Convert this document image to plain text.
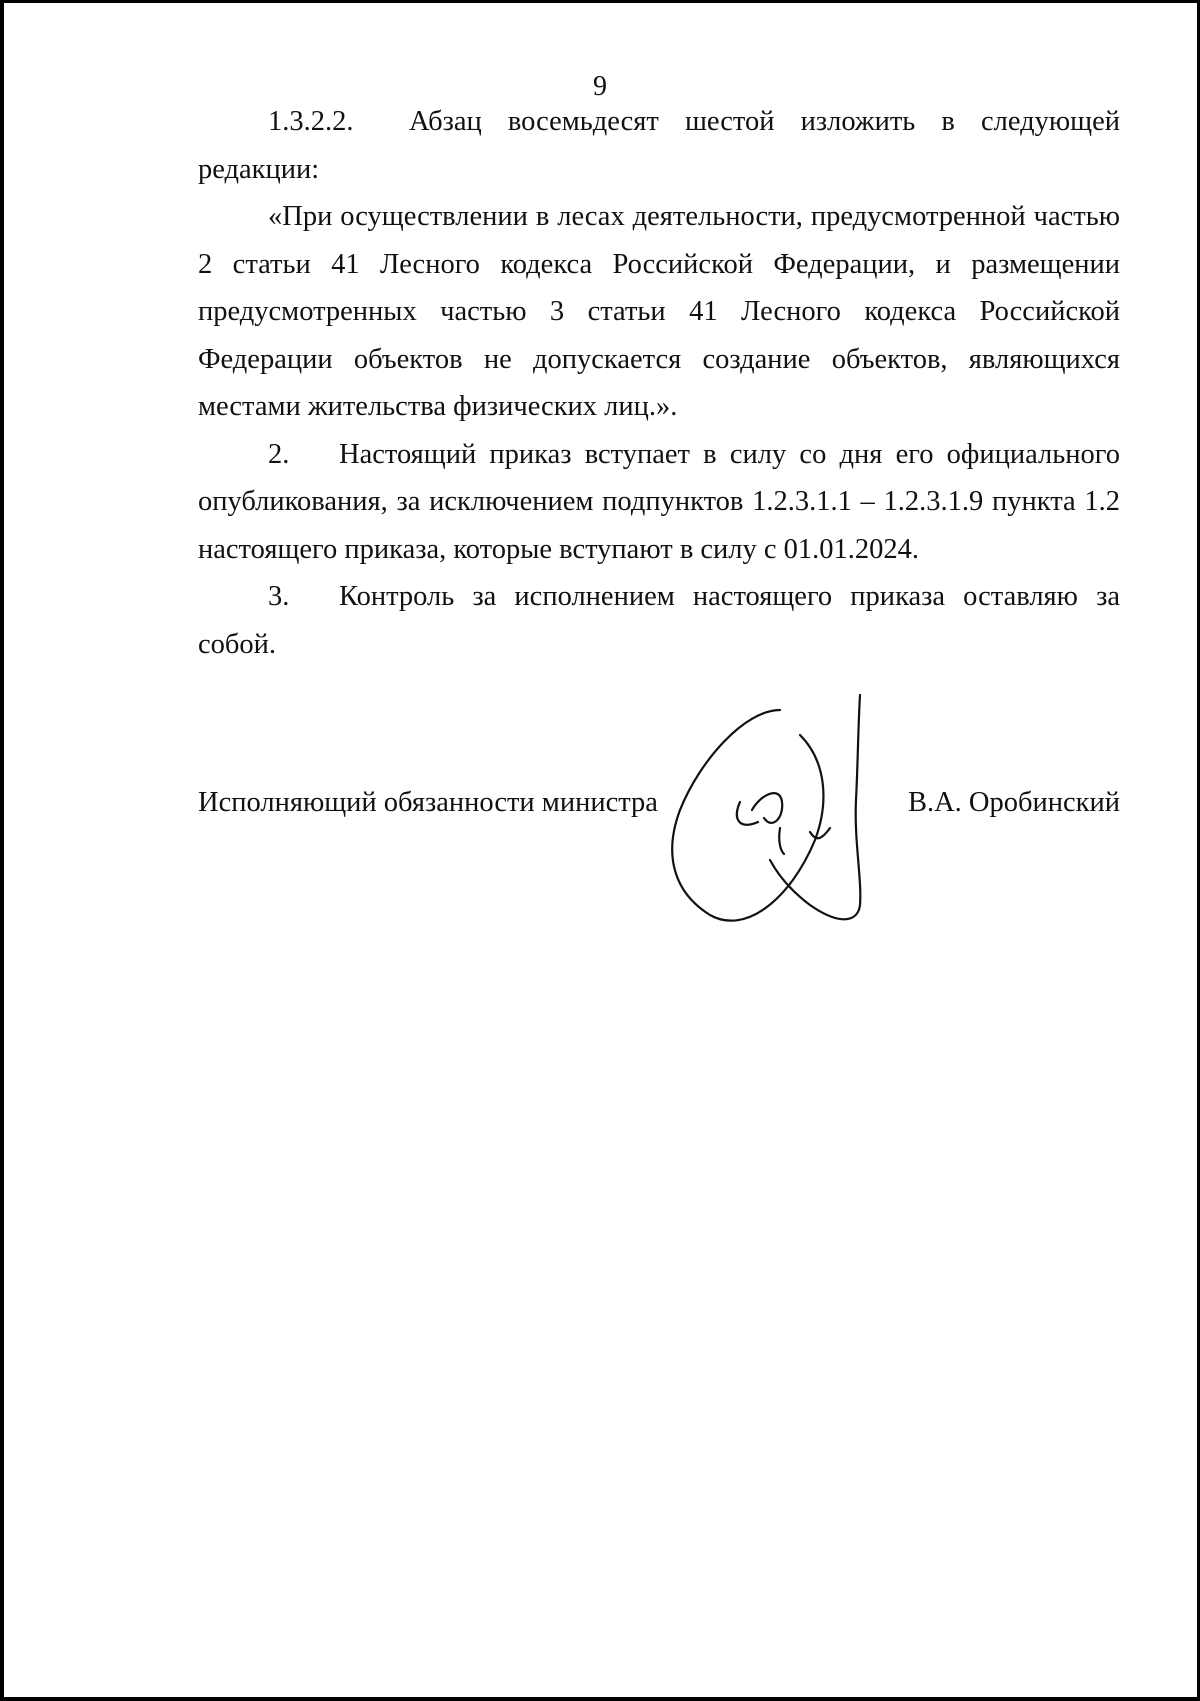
9

1.3.2.2. Абзац восемьдесят шестой изложить в следующей редакции:

«При осуществлении в лесах деятельности, предусмотренной частью 2 статьи 41 Лесного кодекса Российской Федерации, и размещении предусмотренных частью 3 статьи 41 Лесного кодекса Российской Федерации объектов не допускается создание объектов, являющихся местами жительства физических лиц.».

2. Настоящий приказ вступает в силу со дня его официального опубликования, за исключением подпунктов 1.2.3.1.1 – 1.2.3.1.9 пункта 1.2 настоящего приказа, которые вступают в силу с 01.01.2024.

3. Контроль за исполнением настоящего приказа оставляю за собой.

Исполняющий обязанности министра	В.А. Оробинский
